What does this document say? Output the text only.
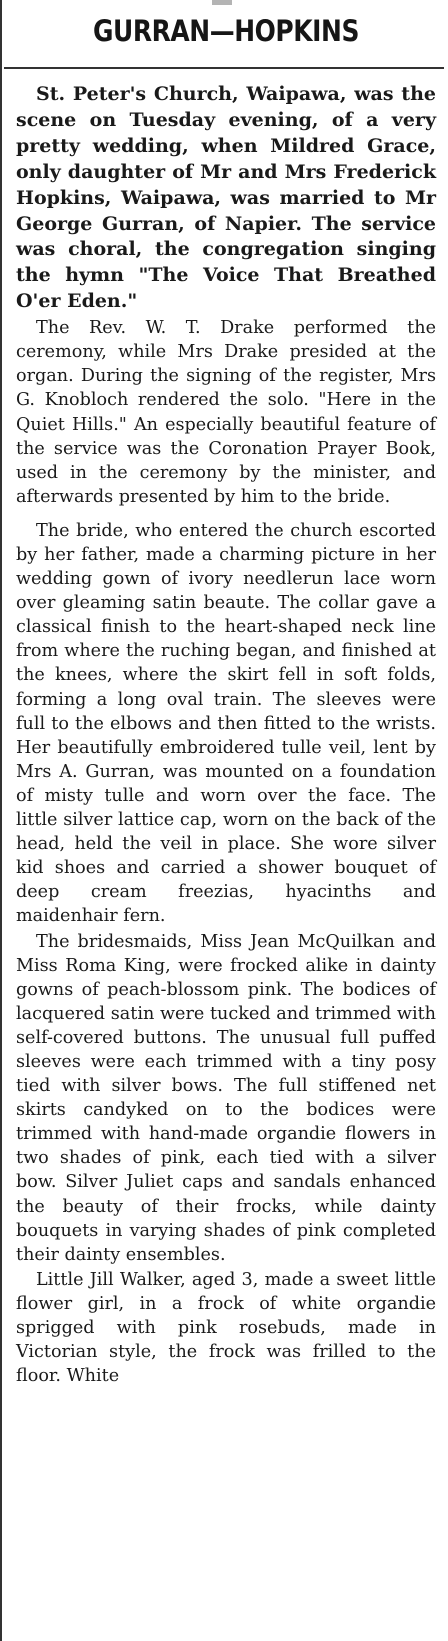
GURRAN—HOPKINS

St. Peter's Church, Waipawa, was the scene on Tuesday evening, of a very pretty wedding, when Mildred Grace, only daughter of Mr and Mrs Frederick Hopkins, Waipawa, was married to Mr George Gurran, of Napier. The service was choral, the congregation singing the hymn "The Voice That Breathed O'er Eden."

The Rev. W. T. Drake performed the ceremony, while Mrs Drake presided at the organ. During the signing of the register, Mrs G. Knobloch rendered the solo. "Here in the Quiet Hills." An especially beautiful feature of the service was the Coronation Prayer Book, used in the ceremony by the minister, and afterwards presented by him to the bride.

The bride, who entered the church escorted by her father, made a charming picture in her wedding gown of ivory needlerun lace worn over gleaming satin beaute. The collar gave a classical finish to the heart-shaped neck line from where the ruching began, and finished at the knees, where the skirt fell in soft folds, forming a long oval train. The sleeves were full to the elbows and then fitted to the wrists. Her beautifully embroidered tulle veil, lent by Mrs A. Gurran, was mounted on a foundation of misty tulle and worn over the face. The little silver lattice cap, worn on the back of the head, held the veil in place. She wore silver kid shoes and carried a shower bouquet of deep cream freezias, hyacinths and maidenhair fern.

The bridesmaids, Miss Jean McQuilkan and Miss Roma King, were frocked alike in dainty gowns of peach-blossom pink. The bodices of lacquered satin were tucked and trimmed with self-covered buttons. The unusual full puffed sleeves were each trimmed with a tiny posy tied with silver bows. The full stiffened net skirts candyked on to the bodices were trimmed with hand-made organdie flowers in two shades of pink, each tied with a silver bow. Silver Juliet caps and sandals enhanced the beauty of their frocks, while dainty bouquets in varying shades of pink completed their dainty ensembles.

Little Jill Walker, aged 3, made a sweet little flower girl, in a frock of white organdie sprigged with pink rosebuds, made in Victorian style, the frock was frilled to the floor. White
